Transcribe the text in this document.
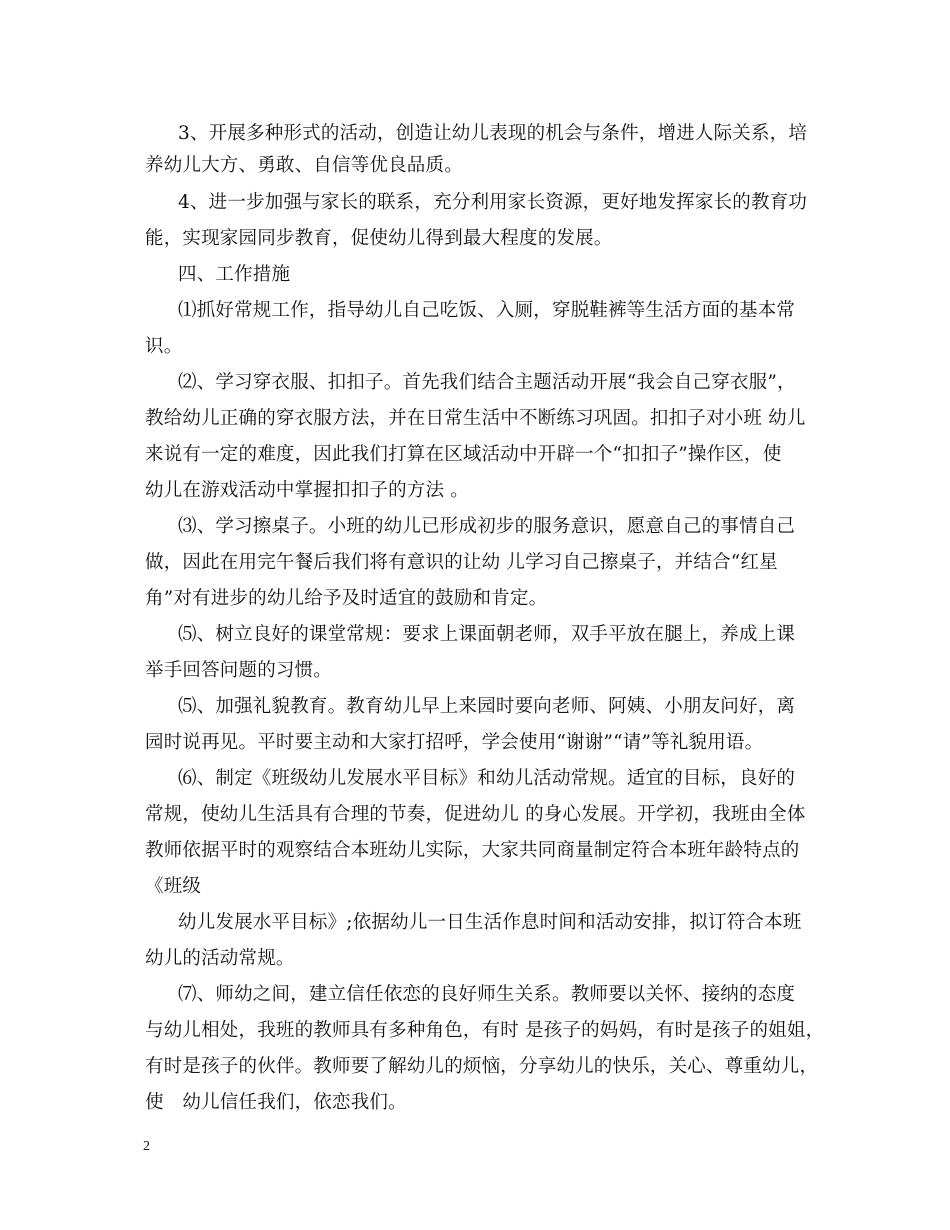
3、开展多种形式的活动，创造让幼儿表现的机会与条件，增进人际关系，培
养幼儿大方、勇敢、自信等优良品质。
4、进一步加强与家长的联系，充分利用家长资源，更好地发挥家长的教育功
能，实现家园同步教育，促使幼儿得到最大程度的发展。
四、工作措施
⑴抓好常规工作，指导幼儿自己吃饭、入厕，穿脱鞋裤等生活方面的基本常
识。
⑵、学习穿衣服、扣扣子。首先我们结合主题活动开展“我会自己穿衣服”，
教给幼儿正确的穿衣服方法，并在日常生活中不断练习巩固。扣扣子对小班 幼儿
来说有一定的难度，因此我们打算在区域活动中开辟一个“扣扣子”操作区，使
幼儿在游戏活动中掌握扣扣子的方法 。
⑶、学习擦桌子。小班的幼儿已形成初步的服务意识，愿意自己的事情自己
做，因此在用完午餐后我们将有意识的让幼 儿学习自己擦桌子，并结合“红星
角”对有进步的幼儿给予及时适宜的鼓励和肯定。
⑸、树立良好的课堂常规：要求上课面朝老师，双手平放在腿上，养成上课
举手回答问题的习惯。
⑸、加强礼貌教育。教育幼儿早上来园时要向老师、阿姨、小朋友问好，离
园时说再见。平时要主动和大家打招呼，学会使用“谢谢”“请”等礼貌用语。
⑹、制定《班级幼儿发展水平目标》和幼儿活动常规。适宜的目标，良好的
常规，使幼儿生活具有合理的节奏，促进幼儿 的身心发展。开学初，我班由全体
教师依据平时的观察结合本班幼儿实际，大家共同商量制定符合本班年龄特点的
《班级
幼儿发展水平目标》;依据幼儿一日生活作息时间和活动安排，拟订符合本班
幼儿的活动常规。
⑺、师幼之间，建立信任依恋的良好师生关系。教师要以关怀、接纳的态度
与幼儿相处，我班的教师具有多种角色，有时 是孩子的妈妈，有时是孩子的姐姐，
有时是孩子的伙伴。教师要了解幼儿的烦恼，分享幼儿的快乐，关心、尊重幼儿，
使　幼儿信任我们，依恋我们。
2
